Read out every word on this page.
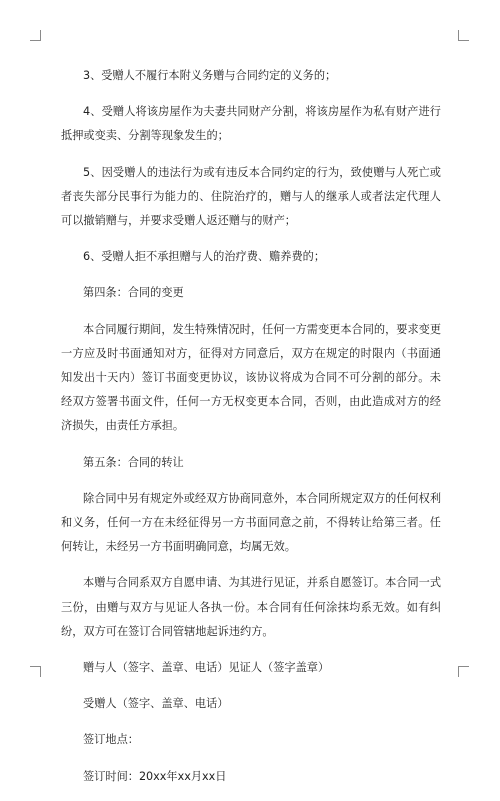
3、受赠人不履行本附义务赠与合同约定的义务的；

4、受赠人将该房屋作为夫妻共同财产分割，将该房屋作为私有财产进行抵押或变卖、分割等现象发生的；

5、因受赠人的违法行为或有违反本合同约定的行为，致使赠与人死亡或者丧失部分民事行为能力的、住院治疗的，赠与人的继承人或者法定代理人可以撤销赠与，并要求受赠人返还赠与的财产；

6、受赠人拒不承担赠与人的治疗费、赡养费的；

第四条：合同的变更

本合同履行期间，发生特殊情况时，任何一方需变更本合同的，要求变更一方应及时书面通知对方，征得对方同意后，双方在规定的时限内（书面通知发出十天内）签订书面变更协议，该协议将成为合同不可分割的部分。未经双方签署书面文件，任何一方无权变更本合同，否则，由此造成对方的经济损失，由责任方承担。

第五条：合同的转让

除合同中另有规定外或经双方协商同意外，本合同所规定双方的任何权利和义务，任何一方在未经征得另一方书面同意之前，不得转让给第三者。任何转让，未经另一方书面明确同意，均属无效。

本赠与合同系双方自愿申请、为其进行见证，并系自愿签订。本合同一式三份，由赠与双方与见证人各执一份。本合同有任何涂抹均系无效。如有纠纷，双方可在签订合同管辖地起诉违约方。

赠与人（签字、盖章、电话）见证人（签字盖章）

受赠人（签字、盖章、电话）

签订地点：

签订时间：20xx年xx月xx日
